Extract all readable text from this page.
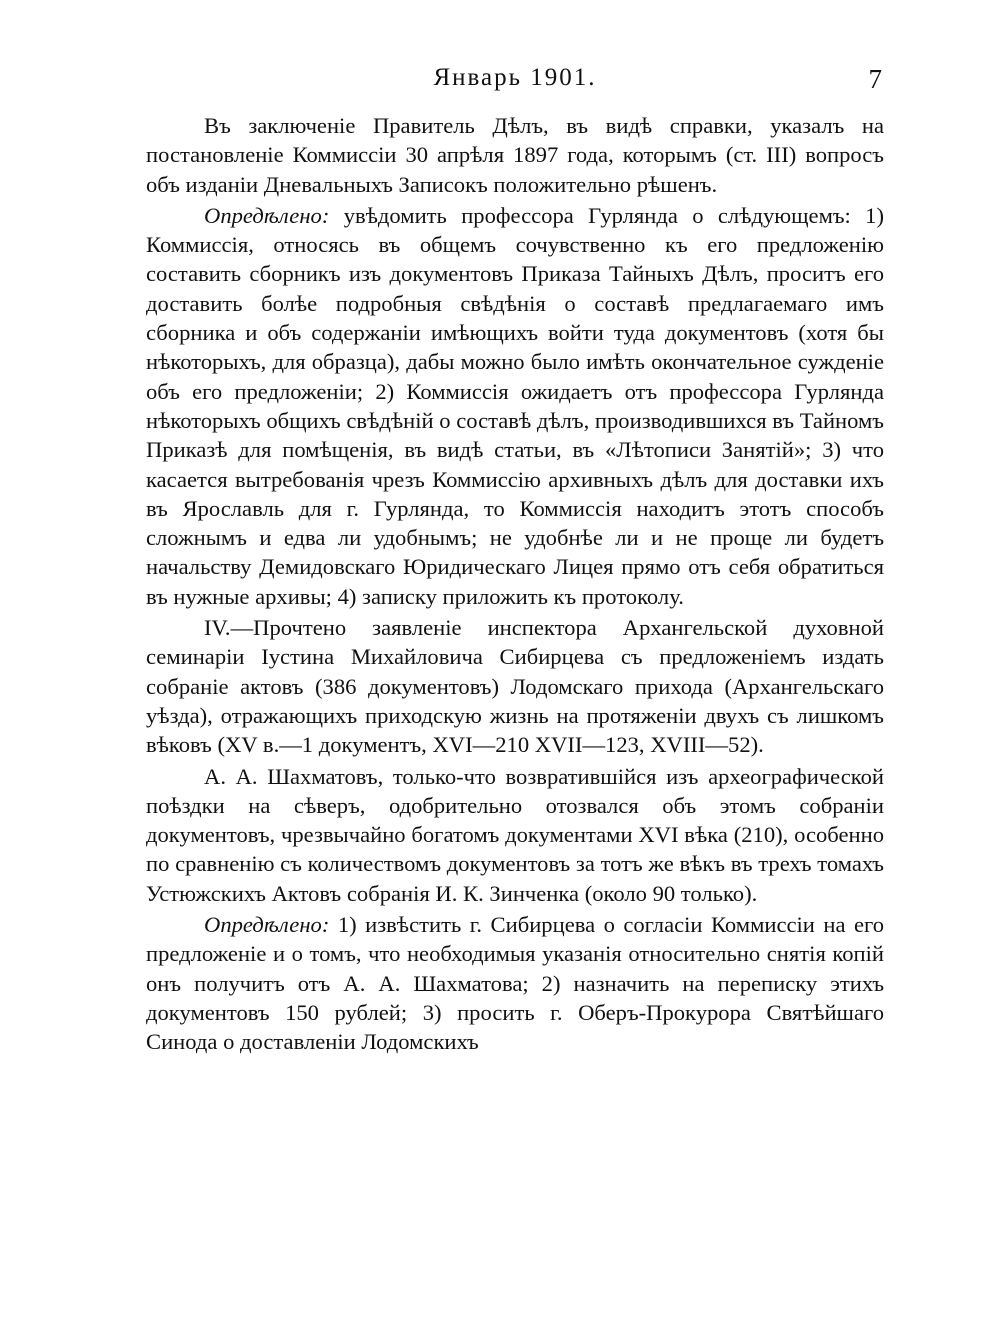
Январь 1901.	7

Въ заключеніе Правитель Дѣлъ, въ видѣ справки, указалъ на постановленіе Коммиссіи 30 апрѣля 1897 года, которымъ (ст. III) вопросъ объ изданіи Дневальныхъ Записокъ положительно рѣшенъ.

Опредѣлено: увѣдомить профессора Гурлянда о слѣдующемъ: 1) Коммиссія, относясь въ общемъ сочувственно къ его предложенію составить сборникъ изъ документовъ Приказа Тайныхъ Дѣлъ, проситъ его доставить болѣе подробныя свѣдѣнія о составѣ предлагаемаго имъ сборника и объ содержаніи имѣющихъ войти туда документовъ (хотя бы нѣкоторыхъ, для образца), дабы можно было имѣть окончательное сужденіе объ его предложеніи; 2) Коммиссія ожидаетъ отъ профессора Гурлянда нѣкоторыхъ общихъ свѣдѣній о составѣ дѣлъ, производившихся въ Тайномъ Приказѣ для помѣщенія, въ видѣ статьи, въ «Лѣтописи Занятій»; 3) что касается вытребованія чрезъ Коммиссію архивныхъ дѣлъ для доставки ихъ въ Ярославль для г. Гурлянда, то Коммиссія находитъ этотъ способъ сложнымъ и едва ли удобнымъ; не удобнѣе ли и не проще ли будетъ начальству Демидовскаго Юридическаго Лицея прямо отъ себя обратиться въ нужные архивы; 4) записку приложить къ протоколу.

IV.—Прочтено заявленіе инспектора Архангельской духовной семинаріи Іустина Михайловича Сибирцева съ предложеніемъ издать собраніе актовъ (386 документовъ) Лодомскаго прихода (Архангельскаго уѣзда), отражающихъ приходскую жизнь на протяженіи двухъ съ лишкомъ вѣковъ (XV в.—1 документъ, XVI—210 XVII—123, XVIII—52).

А. А. Шахматовъ, только-что возвратившійся изъ археографической поѣздки на сѣверъ, одобрительно отозвался объ этомъ собраніи документовъ, чрезвычайно богатомъ документами XVI вѣка (210), особенно по сравненію съ количествомъ документовъ за тотъ же вѣкъ въ трехъ томахъ Устюжскихъ Актовъ собранія И. К. Зинченка (около 90 только).

Опредѣлено: 1) извѣстить г. Сибирцева о согласіи Коммиссіи на его предложеніе и о томъ, что необходимыя указанія относительно снятія копій онъ получитъ отъ А. А. Шахматова; 2) назначить на переписку этихъ документовъ 150 рублей; 3) просить г. Оберъ-Прокурора Святѣйшаго Синода о доставленіи Лодомскихъ
